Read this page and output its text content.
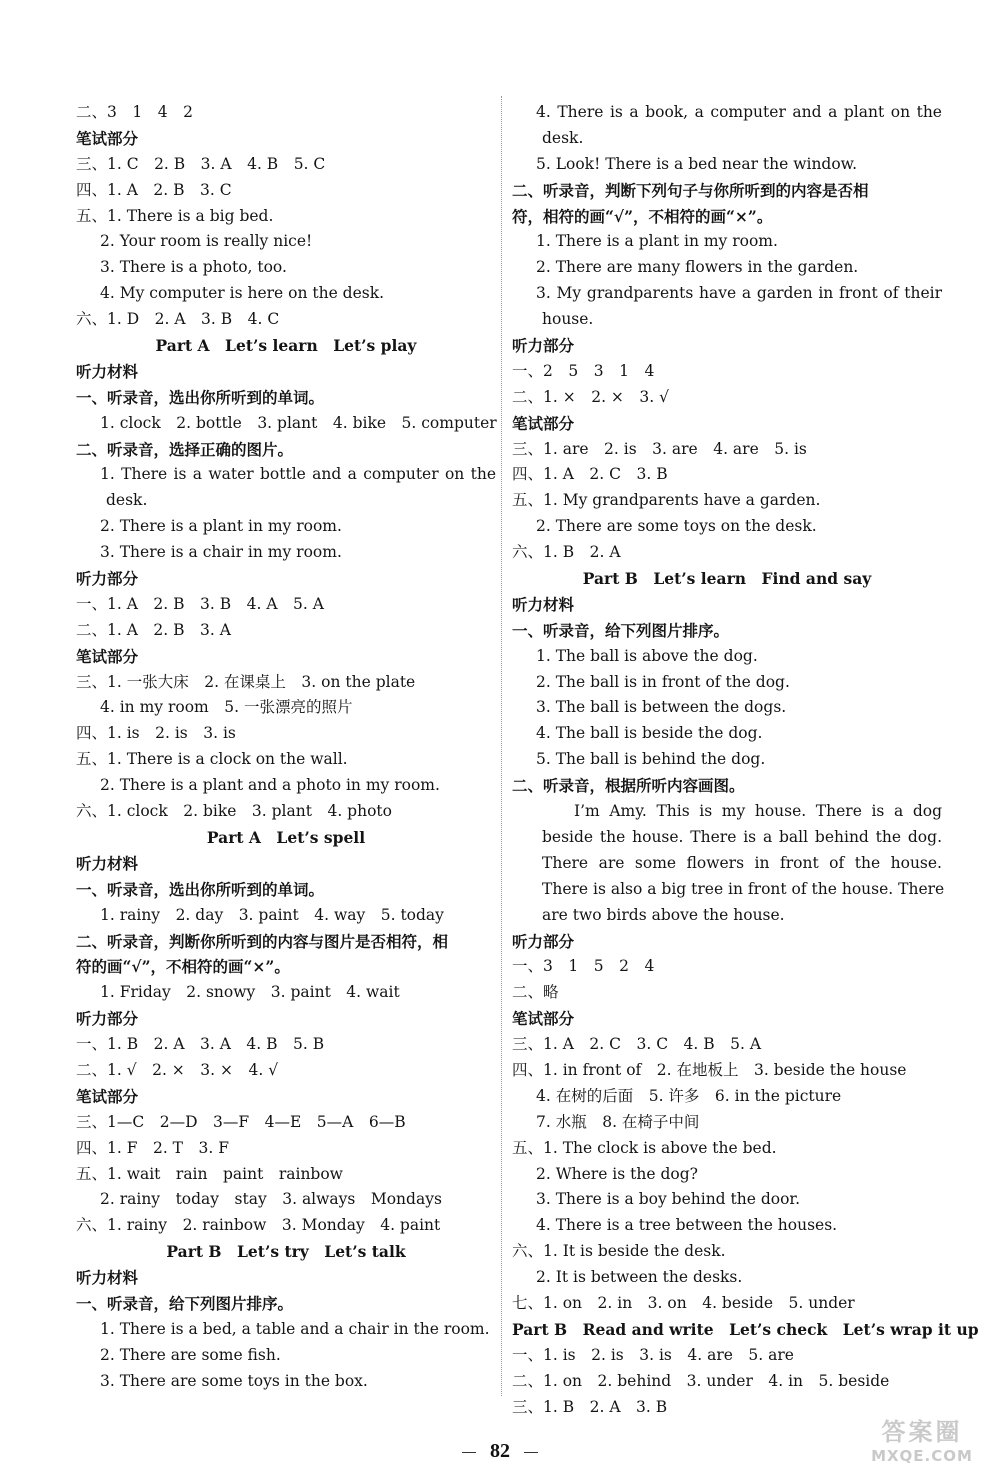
二、3　1　4　2
笔试部分
三、1. C　2. B　3. A　4. B　5. C
四、1. A　2. B　3. C
五、1. There is a big bed.
2. Your room is really nice!
3. There is a photo, too.
4. My computer is here on the desk.
六、1. D　2. A　3. B　4. C
Part A　Let’s learn　Let’s play
听力材料
一、听录音，选出你所听到的单词。
1. clock　2. bottle　3. plant　4. bike　5. computer
二、听录音，选择正确的图片。
1. There is a water bottle and a computer on the
desk.
2. There is a plant in my room.
3. There is a chair in my room.
听力部分
一、1. A　2. B　3. B　4. A　5. A
二、1. A　2. B　3. A
笔试部分
三、1. 一张大床　2. 在课桌上　3. on the plate
4. in my room　5. 一张漂亮的照片
四、1. is　2. is　3. is
五、1. There is a clock on the wall.
2. There is a plant and a photo in my room.
六、1. clock　2. bike　3. plant　4. photo
Part A　Let’s spell
听力材料
一、听录音，选出你所听到的单词。
1. rainy　2. day　3. paint　4. way　5. today
二、听录音，判断你所听到的内容与图片是否相符，相
符的画“√”，不相符的画“×”。
1. Friday　2. snowy　3. paint　4. wait
听力部分
一、1. B　2. A　3. A　4. B　5. B
二、1. √　2. ×　3. ×　4. √
笔试部分
三、1—C　2—D　3—F　4—E　5—A　6—B
四、1. F　2. T　3. F
五、1. wait　rain　paint　rainbow
2. rainy　today　stay　3. always　Mondays
六、1. rainy　2. rainbow　3. Monday　4. paint
Part B　Let’s try　Let’s talk
听力材料
一、听录音，给下列图片排序。
1. There is a bed, a table and a chair in the room.
2. There are some fish.
3. There are some toys in the box.
4. There is a book, a computer and a plant on the
desk.
5. Look! There is a bed near the window.
二、听录音，判断下列句子与你所听到的内容是否相
符，相符的画“√”，不相符的画“×”。
1. There is a plant in my room.
2. There are many flowers in the garden.
3. My grandparents have a garden in front of their
house.
听力部分
一、2　5　3　1　4
二、1. ×　2. ×　3. √
笔试部分
三、1. are　2. is　3. are　4. are　5. is
四、1. A　2. C　3. B
五、1. My grandparents have a garden.
2. There are some toys on the desk.
六、1. B　2. A
Part B　Let’s learn　Find and say
听力材料
一、听录音，给下列图片排序。
1. The ball is above the dog.
2. The ball is in front of the dog.
3. The ball is between the dogs.
4. The ball is beside the dog.
5. The ball is behind the dog.
二、听录音，根据所听内容画图。
I’m Amy. This is my house. There is a dog
beside the house. There is a ball behind the dog.
There are some flowers in front of the house.
There is also a big tree in front of the house. There
are two birds above the house.
听力部分
一、3　1　5　2　4
二、略
笔试部分
三、1. A　2. C　3. C　4. B　5. A
四、1. in front of　2. 在地板上　3. beside the house
4. 在树的后面　5. 许多　6. in the picture
7. 水瓶　8. 在椅子中间
五、1. The clock is above the bed.
2. Where is the dog?
3. There is a boy behind the door.
4. There is a tree between the houses.
六、1. It is beside the desk.
2. It is between the desks.
七、1. on　2. in　3. on　4. beside　5. under
Part B　Read and write　Let’s check　Let’s wrap it up
一、1. is　2. is　3. is　4. are　5. are
二、1. on　2. behind　3. under　4. in　5. beside
三、1. B　2. A　3. B
82
答案圈
MXQE.COM
